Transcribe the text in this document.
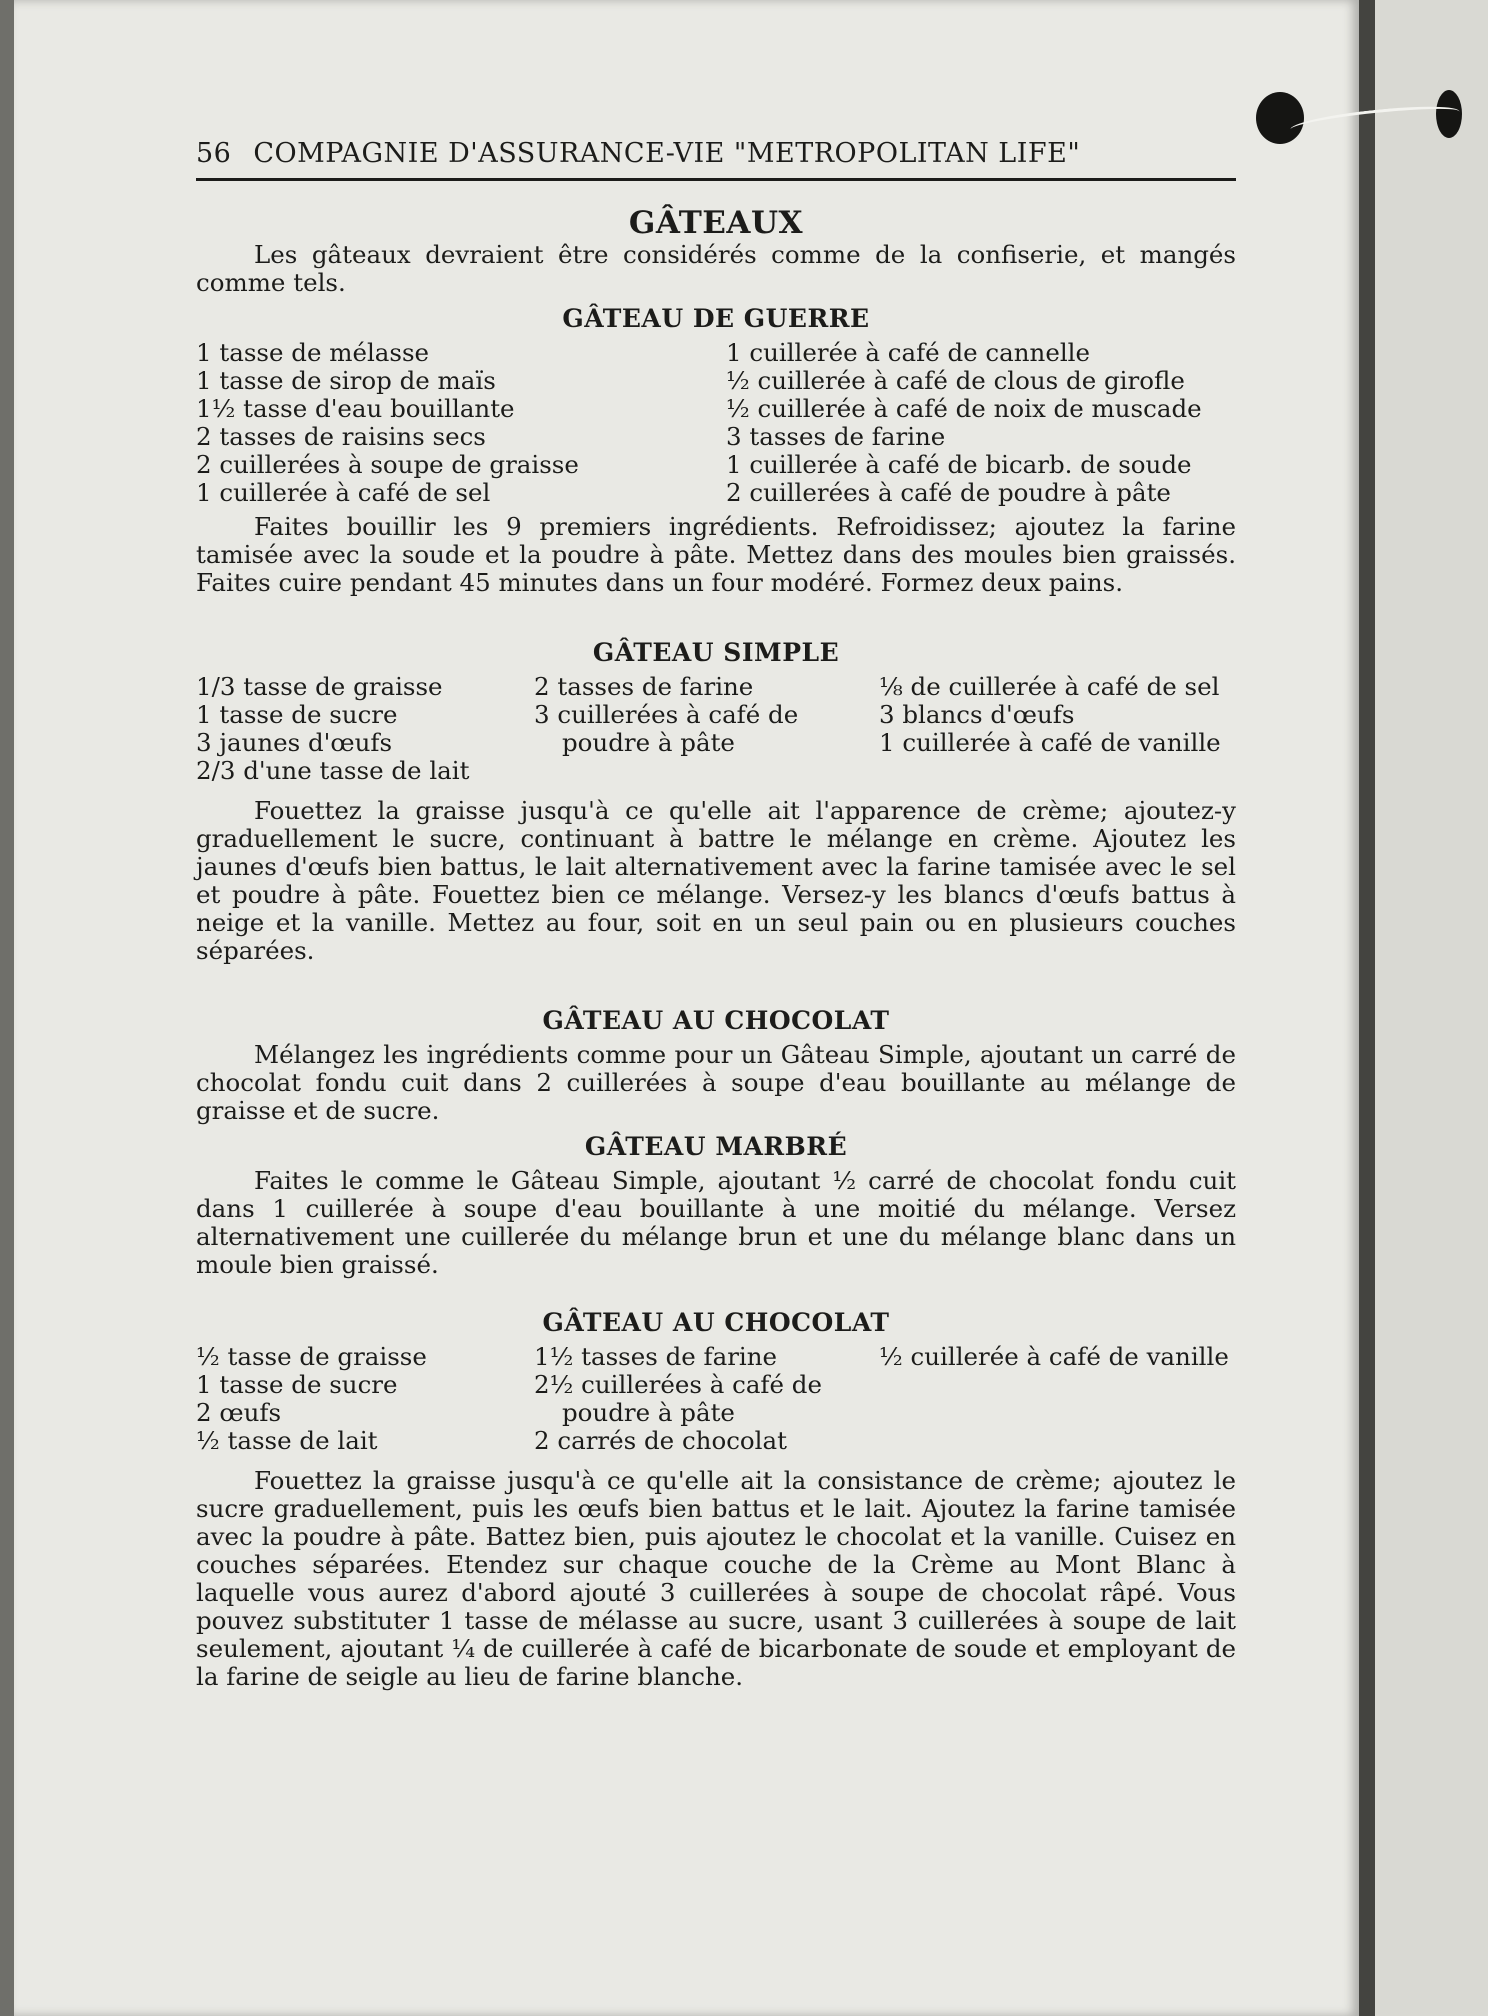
56 COMPAGNIE D'ASSURANCE-VIE "METROPOLITAN LIFE"
GÂTEAUX

Les gâteaux devraient être considérés comme de la confiserie, et mangés comme tels.

GÂTEAU DE GUERRE
1 tasse de mélasse
1 tasse de sirop de maïs
1½ tasse d'eau bouillante
2 tasses de raisins secs
2 cuillerées à soupe de graisse
1 cuillerée à café de sel
1 cuillerée à café de cannelle
½ cuillerée à café de clous de girofle
½ cuillerée à café de noix de muscade
3 tasses de farine
1 cuillerée à café de bicarb. de soude
2 cuillerées à café de poudre à pâte

Faites bouillir les 9 premiers ingrédients. Refroidissez; ajoutez la farine tamisée avec la soude et la poudre à pâte. Mettez dans des moules bien graissés. Faites cuire pendant 45 minutes dans un four modéré. Formez deux pains.

GÂTEAU SIMPLE
1/3 tasse de graisse
1 tasse de sucre
3 jaunes d'œufs
2/3 d'une tasse de lait
2 tasses de farine
3 cuillerées à café de poudre à pâte
⅛ de cuillerée à café de sel
3 blancs d'œufs
1 cuillerée à café de vanille

Fouettez la graisse jusqu'à ce qu'elle ait l'apparence de crème; ajoutez-y graduellement le sucre, continuant à battre le mélange en crème. Ajoutez les jaunes d'œufs bien battus, le lait alternativement avec la farine tamisée avec le sel et poudre à pâte. Fouettez bien ce mélange. Versez-y les blancs d'œufs battus à neige et la vanille. Mettez au four, soit en un seul pain ou en plusieurs couches séparées.

GÂTEAU AU CHOCOLAT

Mélangez les ingrédients comme pour un Gâteau Simple, ajoutant un carré de chocolat fondu cuit dans 2 cuillerées à soupe d'eau bouillante au mélange de graisse et de sucre.

GÂTEAU MARBRÉ

Faites le comme le Gâteau Simple, ajoutant ½ carré de chocolat fondu cuit dans 1 cuillerée à soupe d'eau bouillante à une moitié du mélange. Versez alternativement une cuillerée du mélange brun et une du mélange blanc dans un moule bien graissé.

GÂTEAU AU CHOCOLAT
½ tasse de graisse
1 tasse de sucre
2 œufs
½ tasse de lait
1½ tasses de farine
2½ cuillerées à café de poudre à pâte
2 carrés de chocolat
½ cuillerée à café de vanille

Fouettez la graisse jusqu'à ce qu'elle ait la consistance de crème; ajoutez le sucre graduellement, puis les œufs bien battus et le lait. Ajoutez la farine tamisée avec la poudre à pâte. Battez bien, puis ajoutez le chocolat et la vanille. Cuisez en couches séparées. Etendez sur chaque couche de la Crème au Mont Blanc à laquelle vous aurez d'abord ajouté 3 cuillerées à soupe de chocolat râpé. Vous pouvez substituter 1 tasse de mélasse au sucre, usant 3 cuillerées à soupe de lait seulement, ajoutant ¼ de cuillerée à café de bicarbonate de soude et employant de la farine de seigle au lieu de farine blanche.
